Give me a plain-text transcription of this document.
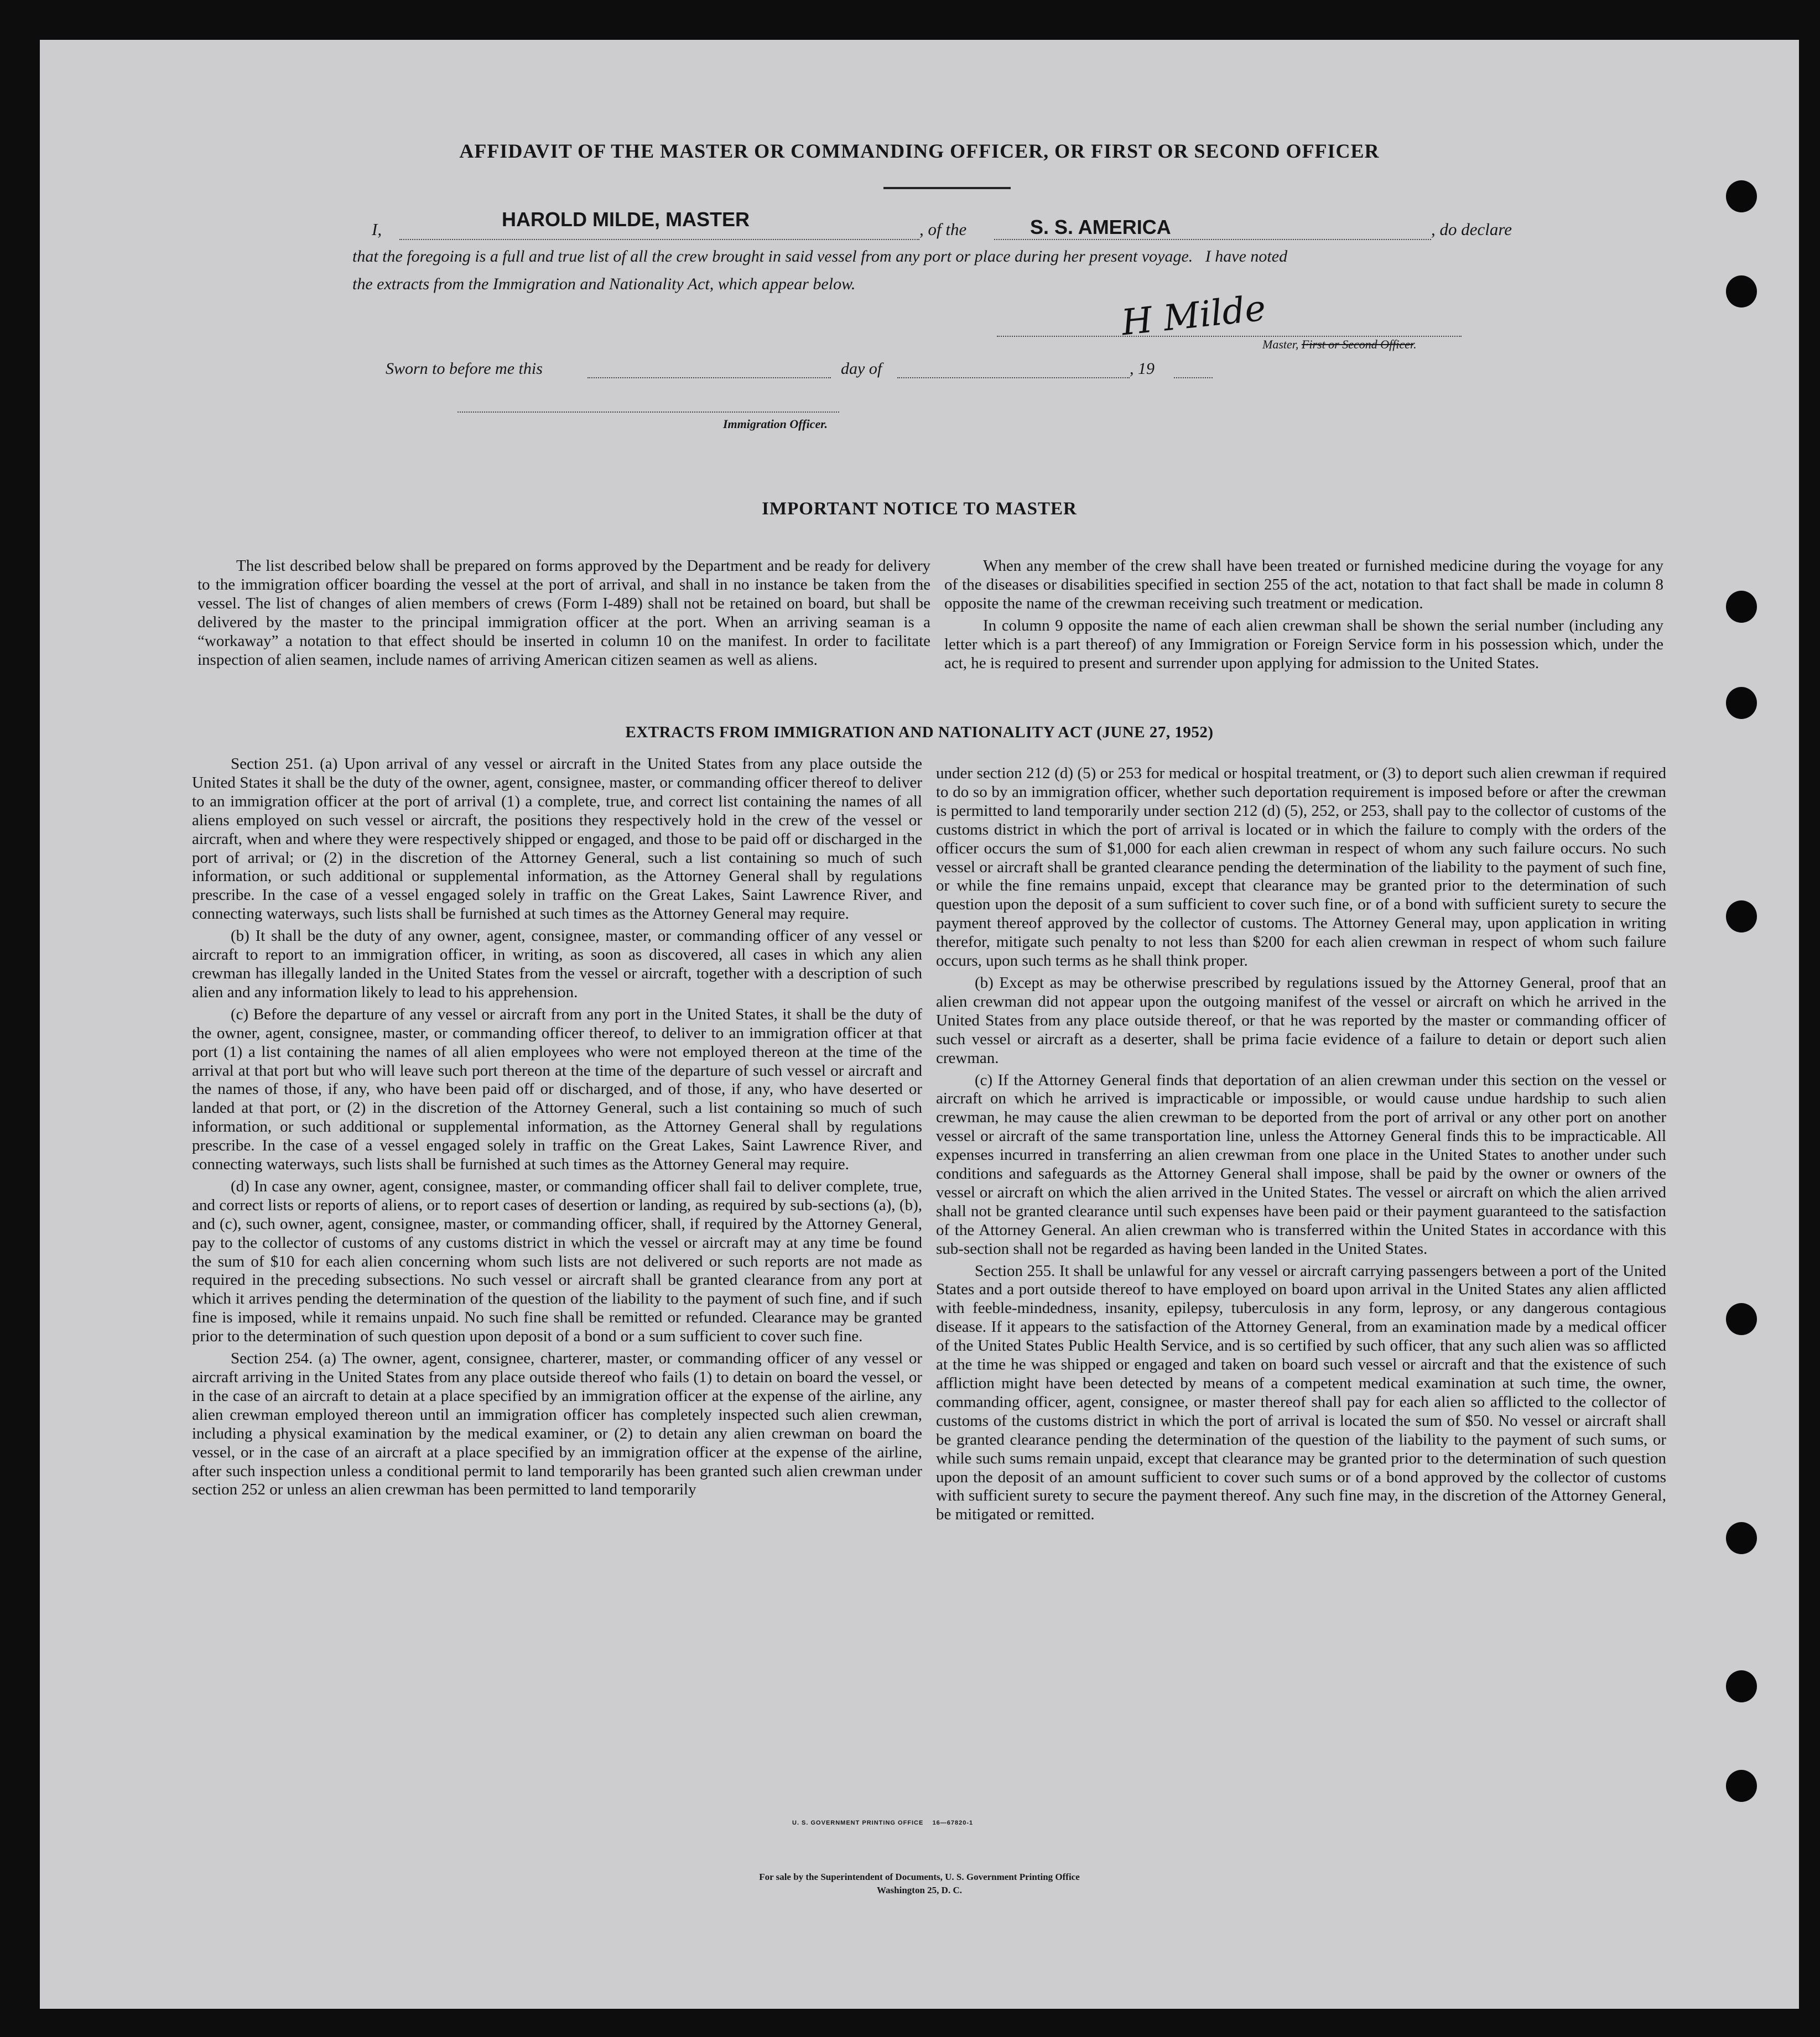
AFFIDAVIT OF THE MASTER OR COMMANDING OFFICER, OR FIRST OR SECOND OFFICER
I,	HAROLD MILDE, MASTER	, of the	S. S. AMERICA	, do declare
that the foregoing is a full and true list of all the crew brought in said vessel from any port or place during her present voyage.   I have noted
the extracts from the Immigration and Nationality Act, which appear below.
H Milde
Master, First or Second Officer.
Sworn to before me this	day of	, 19
Immigration Officer.
IMPORTANT NOTICE TO MASTER

The list described below shall be prepared on forms approved by the Department and be ready for delivery to the immigration officer boarding the vessel at the port of arrival, and shall in no instance be taken from the vessel. The list of changes of alien members of crews (Form I-489) shall not be retained on board, but shall be delivered by the master to the principal immigration officer at the port. When an arriving seaman is a “workaway” a notation to that effect should be inserted in column 10 on the manifest. In order to facilitate inspection of alien seamen, include names of arriving American citizen seamen as well as aliens.

When any member of the crew shall have been treated or furnished medicine during the voyage for any of the diseases or disabilities specified in section 255 of the act, notation to that fact shall be made in column 8 opposite the name of the crewman receiving such treatment or medication.

In column 9 opposite the name of each alien crewman shall be shown the serial number (including any letter which is a part thereof) of any Immigration or Foreign Service form in his possession which, under the act, he is required to present and surrender upon applying for admission to the United States.

EXTRACTS FROM IMMIGRATION AND NATIONALITY ACT (JUNE 27, 1952)

Section 251. (a) Upon arrival of any vessel or aircraft in the United States from any place outside the United States it shall be the duty of the owner, agent, consignee, master, or commanding officer thereof to deliver to an immigration officer at the port of arrival (1) a complete, true, and correct list containing the names of all aliens employed on such vessel or aircraft, the positions they respectively hold in the crew of the vessel or aircraft, when and where they were respectively shipped or engaged, and those to be paid off or discharged in the port of arrival; or (2) in the discretion of the Attorney General, such a list containing so much of such information, or such additional or supplemental information, as the Attorney General shall by regulations prescribe. In the case of a vessel engaged solely in traffic on the Great Lakes, Saint Lawrence River, and connecting waterways, such lists shall be furnished at such times as the Attorney General may require.

(b) It shall be the duty of any owner, agent, consignee, master, or commanding officer of any vessel or aircraft to report to an immigration officer, in writing, as soon as discovered, all cases in which any alien crewman has illegally landed in the United States from the vessel or aircraft, together with a description of such alien and any information likely to lead to his apprehension.

(c) Before the departure of any vessel or aircraft from any port in the United States, it shall be the duty of the owner, agent, consignee, master, or commanding officer thereof, to deliver to an immigration officer at that port (1) a list containing the names of all alien employees who were not employed thereon at the time of the arrival at that port but who will leave such port thereon at the time of the departure of such vessel or aircraft and the names of those, if any, who have been paid off or discharged, and of those, if any, who have deserted or landed at that port, or (2) in the discretion of the Attorney General, such a list containing so much of such information, or such additional or supplemental information, as the Attorney General shall by regulations prescribe. In the case of a vessel engaged solely in traffic on the Great Lakes, Saint Lawrence River, and connecting waterways, such lists shall be furnished at such times as the Attorney General may require.

(d) In case any owner, agent, consignee, master, or commanding officer shall fail to deliver complete, true, and correct lists or reports of aliens, or to report cases of desertion or landing, as required by sub-sections (a), (b), and (c), such owner, agent, consignee, master, or commanding officer, shall, if required by the Attorney General, pay to the collector of customs of any customs district in which the vessel or aircraft may at any time be found the sum of $10 for each alien concerning whom such lists are not delivered or such reports are not made as required in the preceding subsections. No such vessel or aircraft shall be granted clearance from any port at which it arrives pending the determination of the question of the liability to the payment of such fine, and if such fine is imposed, while it remains unpaid. No such fine shall be remitted or refunded. Clearance may be granted prior to the determination of such question upon deposit of a bond or a sum sufficient to cover such fine.

Section 254. (a) The owner, agent, consignee, charterer, master, or commanding officer of any vessel or aircraft arriving in the United States from any place outside thereof who fails (1) to detain on board the vessel, or in the case of an aircraft to detain at a place specified by an immigration officer at the expense of the airline, any alien crewman employed thereon until an immigration officer has completely inspected such alien crewman, including a physical examination by the medical examiner, or (2) to detain any alien crewman on board the vessel, or in the case of an aircraft at a place specified by an immigration officer at the expense of the airline, after such inspection unless a conditional permit to land temporarily has been granted such alien crewman under section 252 or unless an alien crewman has been permitted to land temporarily

under section 212 (d) (5) or 253 for medical or hospital treatment, or (3) to deport such alien crewman if required to do so by an immigration officer, whether such deportation requirement is imposed before or after the crewman is permitted to land temporarily under section 212 (d) (5), 252, or 253, shall pay to the collector of customs of the customs district in which the port of arrival is located or in which the failure to comply with the orders of the officer occurs the sum of $1,000 for each alien crewman in respect of whom any such failure occurs. No such vessel or aircraft shall be granted clearance pending the determination of the liability to the payment of such fine, or while the fine remains unpaid, except that clearance may be granted prior to the determination of such question upon the deposit of a sum sufficient to cover such fine, or of a bond with sufficient surety to secure the payment thereof approved by the collector of customs. The Attorney General may, upon application in writing therefor, mitigate such penalty to not less than $200 for each alien crewman in respect of whom such failure occurs, upon such terms as he shall think proper.

(b) Except as may be otherwise prescribed by regulations issued by the Attorney General, proof that an alien crewman did not appear upon the outgoing manifest of the vessel or aircraft on which he arrived in the United States from any place outside thereof, or that he was reported by the master or commanding officer of such vessel or aircraft as a deserter, shall be prima facie evidence of a failure to detain or deport such alien crewman.

(c) If the Attorney General finds that deportation of an alien crewman under this section on the vessel or aircraft on which he arrived is impracticable or impossible, or would cause undue hardship to such alien crewman, he may cause the alien crewman to be deported from the port of arrival or any other port on another vessel or aircraft of the same transportation line, unless the Attorney General finds this to be impracticable. All expenses incurred in transferring an alien crewman from one place in the United States to another under such conditions and safeguards as the Attorney General shall impose, shall be paid by the owner or owners of the vessel or aircraft on which the alien arrived in the United States. The vessel or aircraft on which the alien arrived shall not be granted clearance until such expenses have been paid or their payment guaranteed to the satisfaction of the Attorney General. An alien crewman who is transferred within the United States in accordance with this sub-section shall not be regarded as having been landed in the United States.

Section 255. It shall be unlawful for any vessel or aircraft carrying passengers between a port of the United States and a port outside thereof to have employed on board upon arrival in the United States any alien afflicted with feeble-mindedness, insanity, epilepsy, tuberculosis in any form, leprosy, or any dangerous contagious disease. If it appears to the satisfaction of the Attorney General, from an examination made by a medical officer of the United States Public Health Service, and is so certified by such officer, that any such alien was so afflicted at the time he was shipped or engaged and taken on board such vessel or aircraft and that the existence of such affliction might have been detected by means of a competent medical examination at such time, the owner, commanding officer, agent, consignee, or master thereof shall pay for each alien so afflicted to the collector of customs of the customs district in which the port of arrival is located the sum of $50. No vessel or aircraft shall be granted clearance pending the determination of the question of the liability to the payment of such sums, or while such sums remain unpaid, except that clearance may be granted prior to the determination of such question upon the deposit of an amount sufficient to cover such sums or of a bond approved by the collector of customs with sufficient surety to secure the payment thereof. Any such fine may, in the discretion of the Attorney General, be mitigated or remitted.

U. S. GOVERNMENT PRINTING OFFICE    16—67820-1
For sale by the Superintendent of Documents, U. S. Government Printing Office
Washington 25, D. C.
